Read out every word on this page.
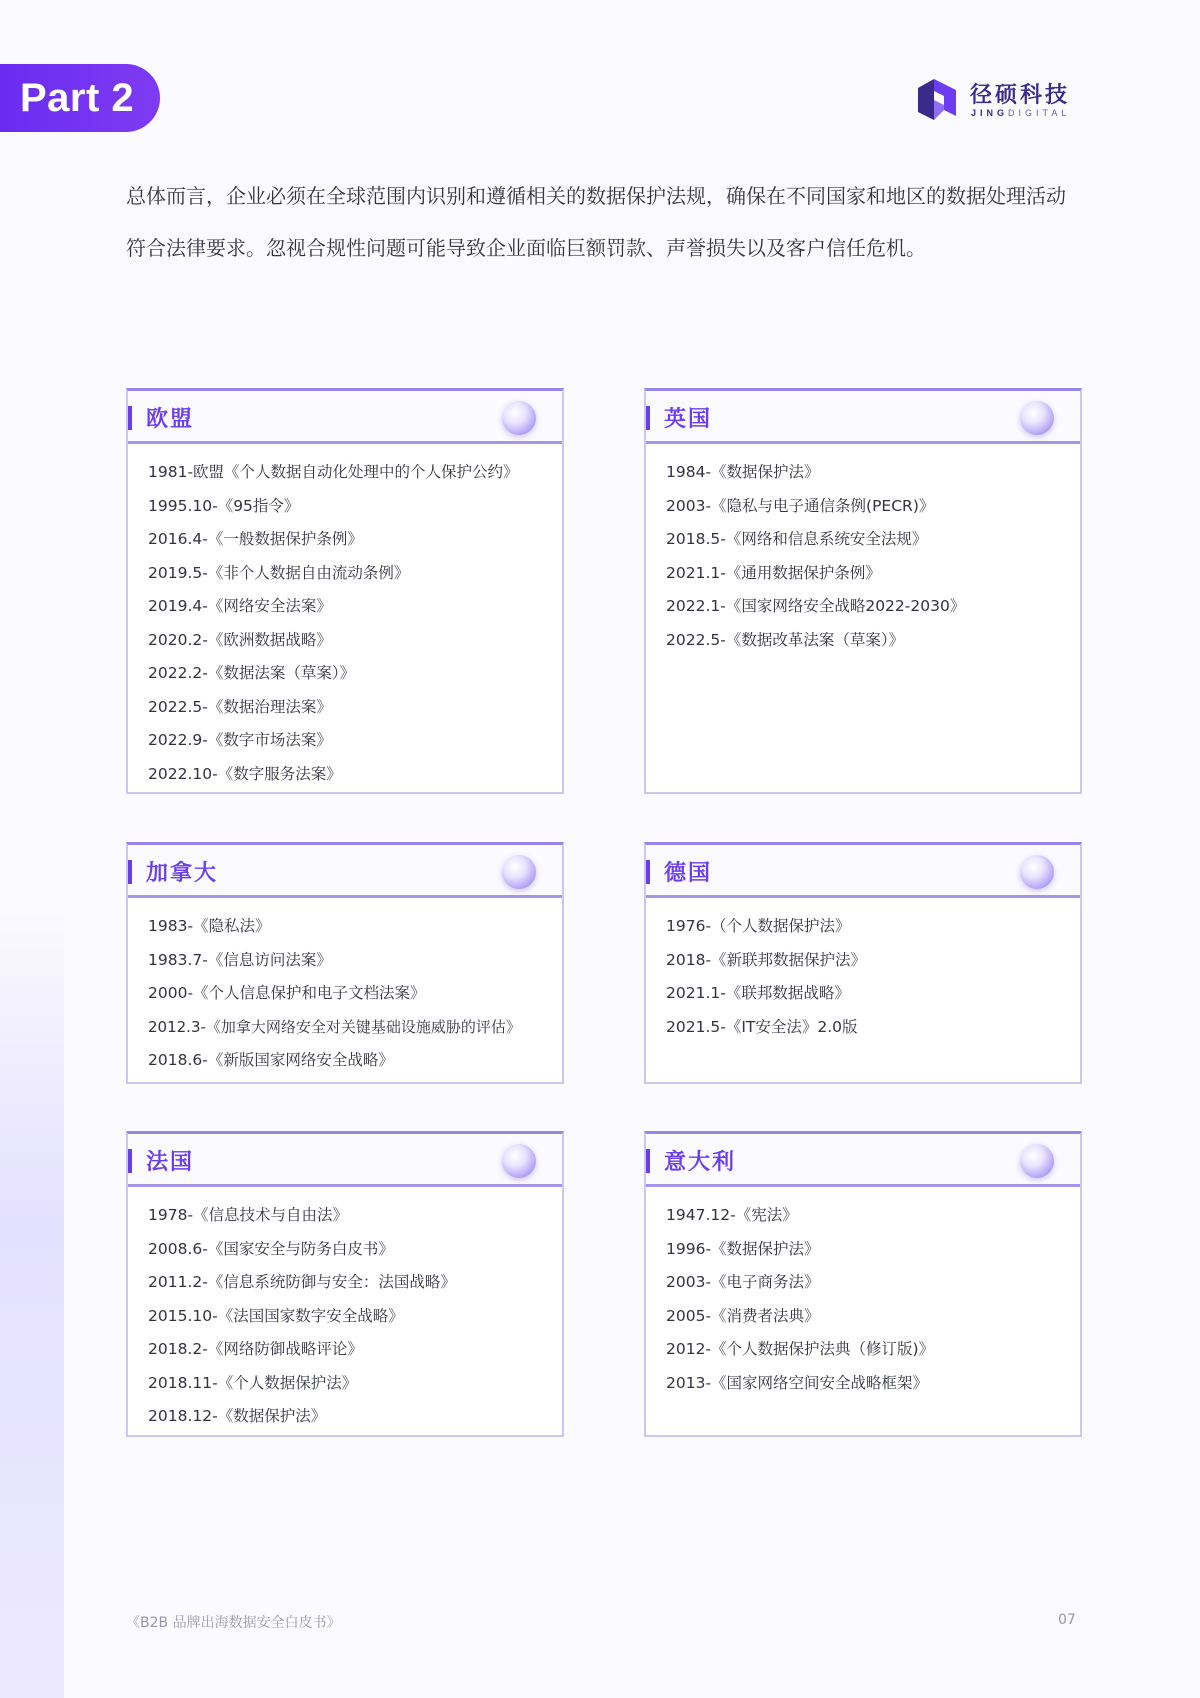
Part 2	径硕科技
JINGDIGITAL

总体而言，企业必须在全球范围内识别和遵循相关的数据保护法规，确保在不同国家和地区的数据处理活动符合法律要求。忽视合规性问题可能导致企业面临巨额罚款、声誉损失以及客户信任危机。

欧盟
1981-欧盟《个人数据自动化处理中的个人保护公约》
1995.10-《95指令》
2016.4-《一般数据保护条例》
2019.5-《非个人数据自由流动条例》
2019.4-《网络安全法案》
2020.2-《欧洲数据战略》
2022.2-《数据法案（草案）》
2022.5-《数据治理法案》
2022.9-《数字市场法案》
2022.10-《数字服务法案》
英国
1984-《数据保护法》
2003-《隐私与电子通信条例(PECR)》
2018.5-《网络和信息系统安全法规》
2021.1-《通用数据保护条例》
2022.1-《国家网络安全战略2022-2030》
2022.5-《数据改革法案（草案）》
加拿大
1983-《隐私法》
1983.7-《信息访问法案》
2000-《个人信息保护和电子文档法案》
2012.3-《加拿大网络安全对关键基础设施威胁的评估》
2018.6-《新版国家网络安全战略》
德国
1976-（个人数据保护法》
2018-《新联邦数据保护法》
2021.1-《联邦数据战略》
2021.5-《IT安全法》2.0版
法国
1978-《信息技术与自由法》
2008.6-《国家安全与防务白皮书》
2011.2-《信息系统防御与安全：法国战略》
2015.10-《法国国家数字安全战略》
2018.2-《网络防御战略评论》
2018.11-《个人数据保护法》
2018.12-《数据保护法》
意大利
1947.12-《宪法》
1996-《数据保护法》
2003-《电子商务法》
2005-《消费者法典》
2012-《个人数据保护法典（修订版)》
2013-《国家网络空间安全战略框架》
《B2B 品牌出海数据安全白皮书》	07
